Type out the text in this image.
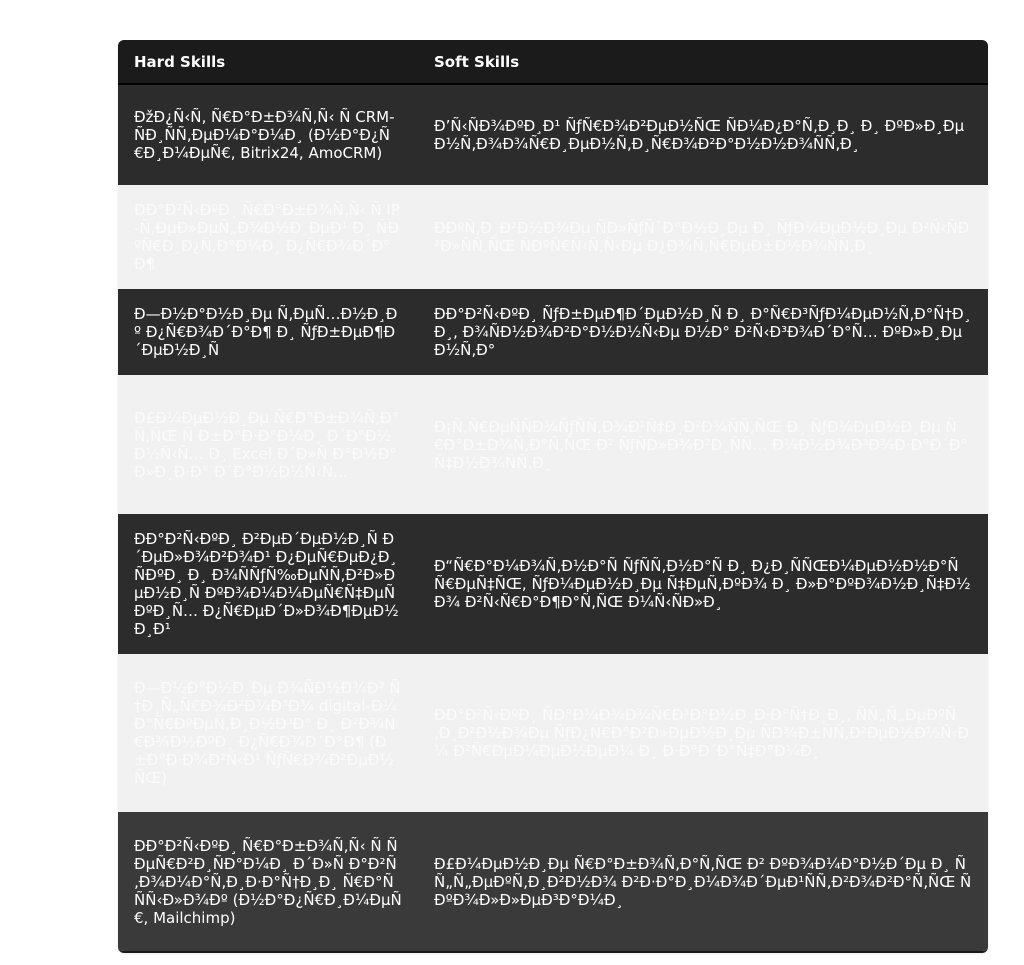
Hard Skills	Soft Skills
ÐžÐ¿Ñ‹Ñ‚ Ñ€Ð°Ð±Ð¾Ñ‚Ñ‹ Ñ CRM-ÑÐ¸ÑÑ‚ÐµÐ¼Ð°Ð¼Ð¸ (Ð½Ð°Ð¿Ñ€Ð¸Ð¼ÐµÑ€, Bitrix24, AmoCRM)	Ð’Ñ‹ÑÐ¾ÐºÐ¸Ð¹ ÑƒÑ€Ð¾Ð²ÐµÐ½ÑŒ ÑÐ¼Ð¿Ð°Ñ‚Ð¸Ð¸ Ð¸ ÐºÐ»Ð¸ÐµÐ½Ñ‚Ð¾Ð¾Ñ€Ð¸ÐµÐ½Ñ‚Ð¸Ñ€Ð¾Ð²Ð°Ð½Ð½Ð¾ÑÑ‚Ð¸
ÐÐ°Ð²Ñ‹ÐºÐ¸ Ñ€Ð°Ð±Ð¾Ñ‚Ñ‹ Ñ IP-Ñ‚ÐµÐ»ÐµÑ„Ð¾Ð½Ð¸ÐµÐ¹ Ð¸ ÑÐºÑ€Ð¸Ð¿Ñ‚Ð°Ð¼Ð¸ Ð¿Ñ€Ð¾Ð´Ð°Ð¶	ÐÐºÑ‚Ð¸Ð²Ð½Ð¾Ðµ ÑÐ»ÑƒÑˆÐ°Ð½Ð¸Ðµ Ð¸ ÑƒÐ¼ÐµÐ½Ð¸Ðµ Ð²Ñ‹ÑÐ²Ð»ÑÑ‚ÑŒ ÑÐºÑ€Ñ‹Ñ‚Ñ‹Ðµ Ð¿Ð¾Ñ‚Ñ€ÐµÐ±Ð½Ð¾ÑÑ‚Ð¸
Ð—Ð½Ð°Ð½Ð¸Ðµ Ñ‚ÐµÑ…Ð½Ð¸Ðº Ð¿Ñ€Ð¾Ð´Ð°Ð¶ Ð¸ ÑƒÐ±ÐµÐ¶Ð´ÐµÐ½Ð¸Ñ	ÐÐ°Ð²Ñ‹ÐºÐ¸ ÑƒÐ±ÐµÐ¶Ð´ÐµÐ½Ð¸Ñ Ð¸ Ð°Ñ€Ð³ÑƒÐ¼ÐµÐ½Ñ‚Ð°Ñ†Ð¸Ð¸, Ð¾ÑÐ½Ð¾Ð²Ð°Ð½Ð½Ñ‹Ðµ Ð½Ð° Ð²Ñ‹Ð³Ð¾Ð´Ð°Ñ… ÐºÐ»Ð¸ÐµÐ½Ñ‚Ð°
Ð£Ð¼ÐµÐ½Ð¸Ðµ Ñ€Ð°Ð±Ð¾Ñ‚Ð°Ñ‚ÑŒ Ñ Ð±Ð°Ð·Ð°Ð¼Ð¸ Ð´Ð°Ð½Ð½Ñ‹Ñ… Ð¸ Excel Ð´Ð»Ñ Ð°Ð½Ð°Ð»Ð¸Ð·Ð° Ð´Ð°Ð½Ð½Ñ‹Ñ…	Ð¡Ñ‚Ñ€ÐµÑÑÐ¾ÑƒÑÑ‚Ð¾Ð¹Ñ‡Ð¸Ð²Ð¾ÑÑ‚ÑŒ Ð¸ ÑƒÐ¼ÐµÐ½Ð¸Ðµ Ñ€Ð°Ð±Ð¾Ñ‚Ð°Ñ‚ÑŒ Ð² ÑƒÑÐ»Ð¾Ð²Ð¸ÑÑ… Ð¼Ð½Ð¾Ð³Ð¾Ð·Ð°Ð´Ð°Ñ‡Ð½Ð¾ÑÑ‚Ð¸
ÐÐ°Ð²Ñ‹ÐºÐ¸ Ð²ÐµÐ´ÐµÐ½Ð¸Ñ Ð´ÐµÐ»Ð¾Ð²Ð¾Ð¹ Ð¿ÐµÑ€ÐµÐ¿Ð¸ÑÐºÐ¸ Ð¸ Ð¾ÑÑƒÑ‰ÐµÑÑ‚Ð²Ð»ÐµÐ½Ð¸Ñ ÐºÐ¾Ð¼Ð¼ÐµÑ€Ñ‡ÐµÑÐºÐ¸Ñ… Ð¿Ñ€ÐµÐ´Ð»Ð¾Ð¶ÐµÐ½Ð¸Ð¹	Ð“Ñ€Ð°Ð¼Ð¾Ñ‚Ð½Ð°Ñ ÑƒÑÑ‚Ð½Ð°Ñ Ð¸ Ð¿Ð¸ÑÑŒÐ¼ÐµÐ½Ð½Ð°Ñ Ñ€ÐµÑ‡ÑŒ, ÑƒÐ¼ÐµÐ½Ð¸Ðµ Ñ‡ÐµÑ‚ÐºÐ¾ Ð¸ Ð»Ð°ÐºÐ¾Ð½Ð¸Ñ‡Ð½Ð¾ Ð²Ñ‹Ñ€Ð°Ð¶Ð°Ñ‚ÑŒ Ð¼Ñ‹ÑÐ»Ð¸
Ð—Ð½Ð°Ð½Ð¸Ðµ Ð¾ÑÐ½Ð¾Ð² Ñ†Ð¸Ñ„Ñ€Ð¾Ð²Ð¾Ð³Ð¾ digital-Ð¼Ð°Ñ€ÐºÐµÑ‚Ð¸Ð½Ð³Ð° Ð¸ Ð²Ð¾Ñ€Ð¾Ð½ÐºÐ¸ Ð¿Ñ€Ð¾Ð´Ð°Ð¶ (Ð±Ð°Ð·Ð¾Ð²Ñ‹Ð¹ ÑƒÑ€Ð¾Ð²ÐµÐ½ÑŒ)	ÐÐ°Ð²Ñ‹ÐºÐ¸ ÑÐ°Ð¼Ð¾Ð¾Ñ€Ð³Ð°Ð½Ð¸Ð·Ð°Ñ†Ð¸Ð¸, ÑÑ„Ñ„ÐµÐºÑ‚Ð¸Ð²Ð½Ð¾Ðµ ÑƒÐ¿Ñ€Ð°Ð²Ð»ÐµÐ½Ð¸Ðµ ÑÐ¾Ð±ÑÑ‚Ð²ÐµÐ½Ð½Ñ‹Ð¼ Ð²Ñ€ÐµÐ¼ÐµÐ½ÐµÐ¼ Ð¸ Ð·Ð°Ð´Ð°Ñ‡Ð°Ð¼Ð¸
ÐÐ°Ð²Ñ‹ÐºÐ¸ Ñ€Ð°Ð±Ð¾Ñ‚Ñ‹ Ñ ÑÐµÑ€Ð²Ð¸ÑÐ°Ð¼Ð¸ Ð´Ð»Ñ Ð°Ð²Ñ‚Ð¾Ð¼Ð°Ñ‚Ð¸Ð·Ð°Ñ†Ð¸Ð¸ Ñ€Ð°ÑÑÑ‹Ð»Ð¾Ðº (Ð½Ð°Ð¿Ñ€Ð¸Ð¼ÐµÑ€, Mailchimp)	Ð£Ð¼ÐµÐ½Ð¸Ðµ Ñ€Ð°Ð±Ð¾Ñ‚Ð°Ñ‚ÑŒ Ð² ÐºÐ¾Ð¼Ð°Ð½Ð´Ðµ Ð¸ ÑÑ„Ñ„ÐµÐºÑ‚Ð¸Ð²Ð½Ð¾ Ð²Ð·Ð°Ð¸Ð¼Ð¾Ð´ÐµÐ¹ÑÑ‚Ð²Ð¾Ð²Ð°Ñ‚ÑŒ Ñ ÐºÐ¾Ð»Ð»ÐµÐ³Ð°Ð¼Ð¸
